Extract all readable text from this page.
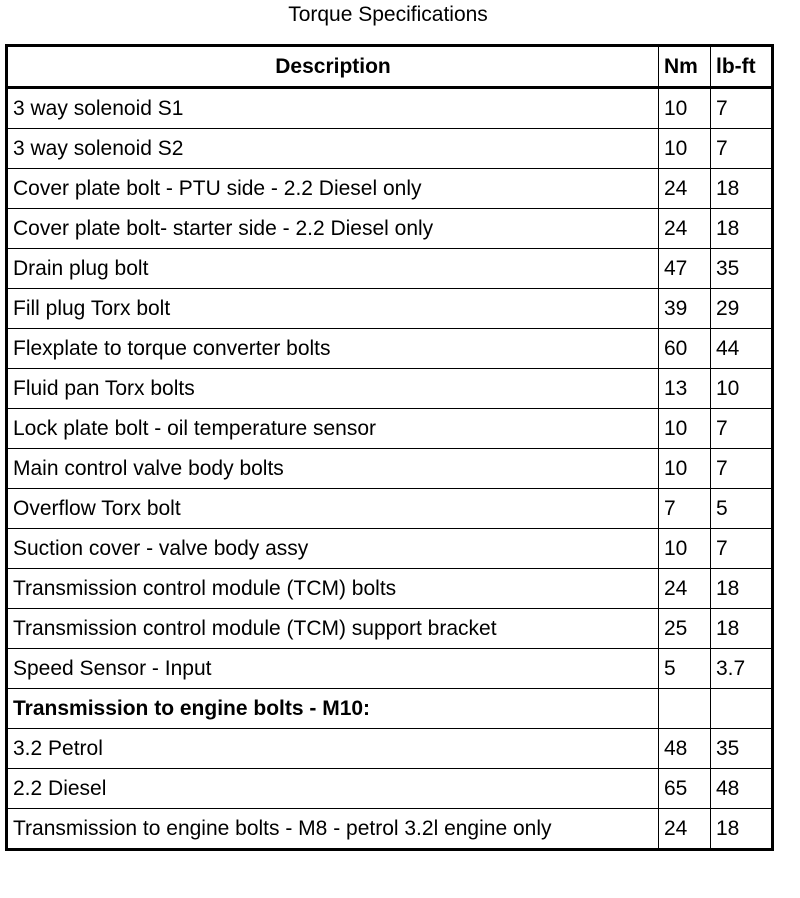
Torque Specifications
Description	Nm	lb-ft
3 way solenoid S1	10	7
3 way solenoid S2	10	7
Cover plate bolt - PTU side - 2.2 Diesel only	24	18
Cover plate bolt- starter side - 2.2 Diesel only	24	18
Drain plug bolt	47	35
Fill plug Torx bolt	39	29
Flexplate to torque converter bolts	60	44
Fluid pan Torx bolts	13	10
Lock plate bolt - oil temperature sensor	10	7
Main control valve body bolts	10	7
Overflow Torx bolt	7	5
Suction cover - valve body assy	10	7
Transmission control module (TCM) bolts	24	18
Transmission control module (TCM) support bracket	25	18
Speed Sensor - Input	5	3.7
Transmission to engine bolts - M10:		
3.2 Petrol	48	35
2.2 Diesel	65	48
Transmission to engine bolts - M8 - petrol 3.2l engine only	24	18
